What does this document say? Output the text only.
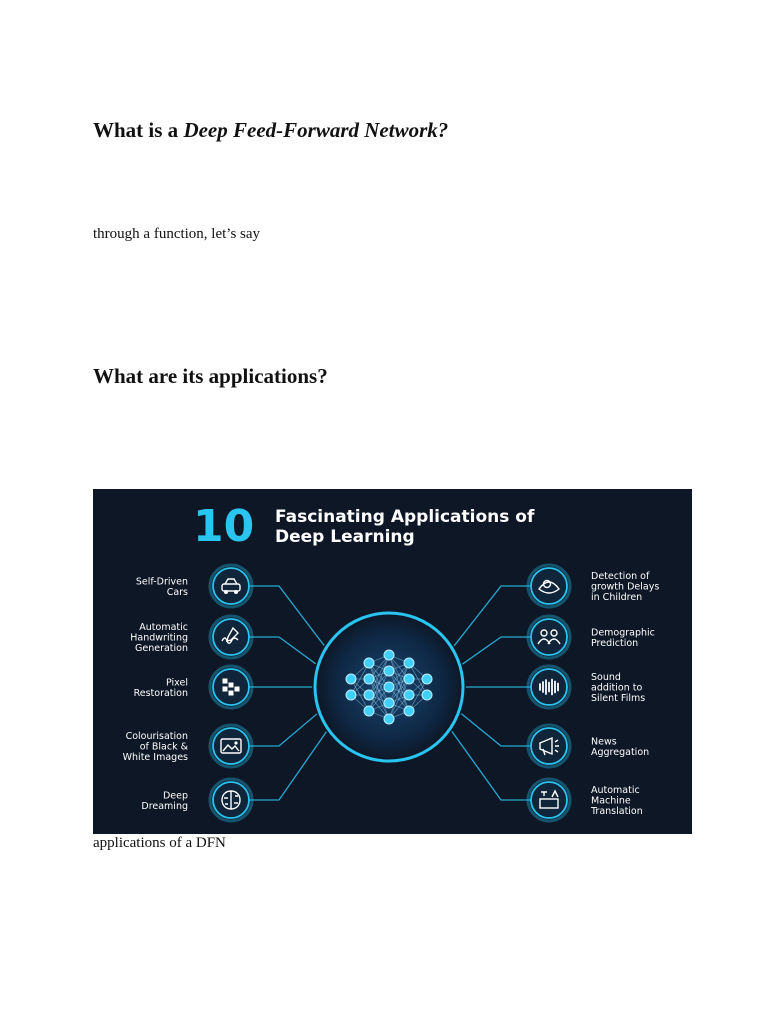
What is a Deep Feed-Forward Network?

through a function, let’s say

What are its applications?
10 Fascinating Applications of
Deep Learning
Self-Driven Cars
Automatic Handwriting Generation
Pixel Restoration
Colourisation of Black & White Images
Deep Dreaming
Detection of growth Delays in Children
Demographic Prediction
Sound addition to Silent Films
News Aggregation
Automatic Machine Translation

applications of a DFN
